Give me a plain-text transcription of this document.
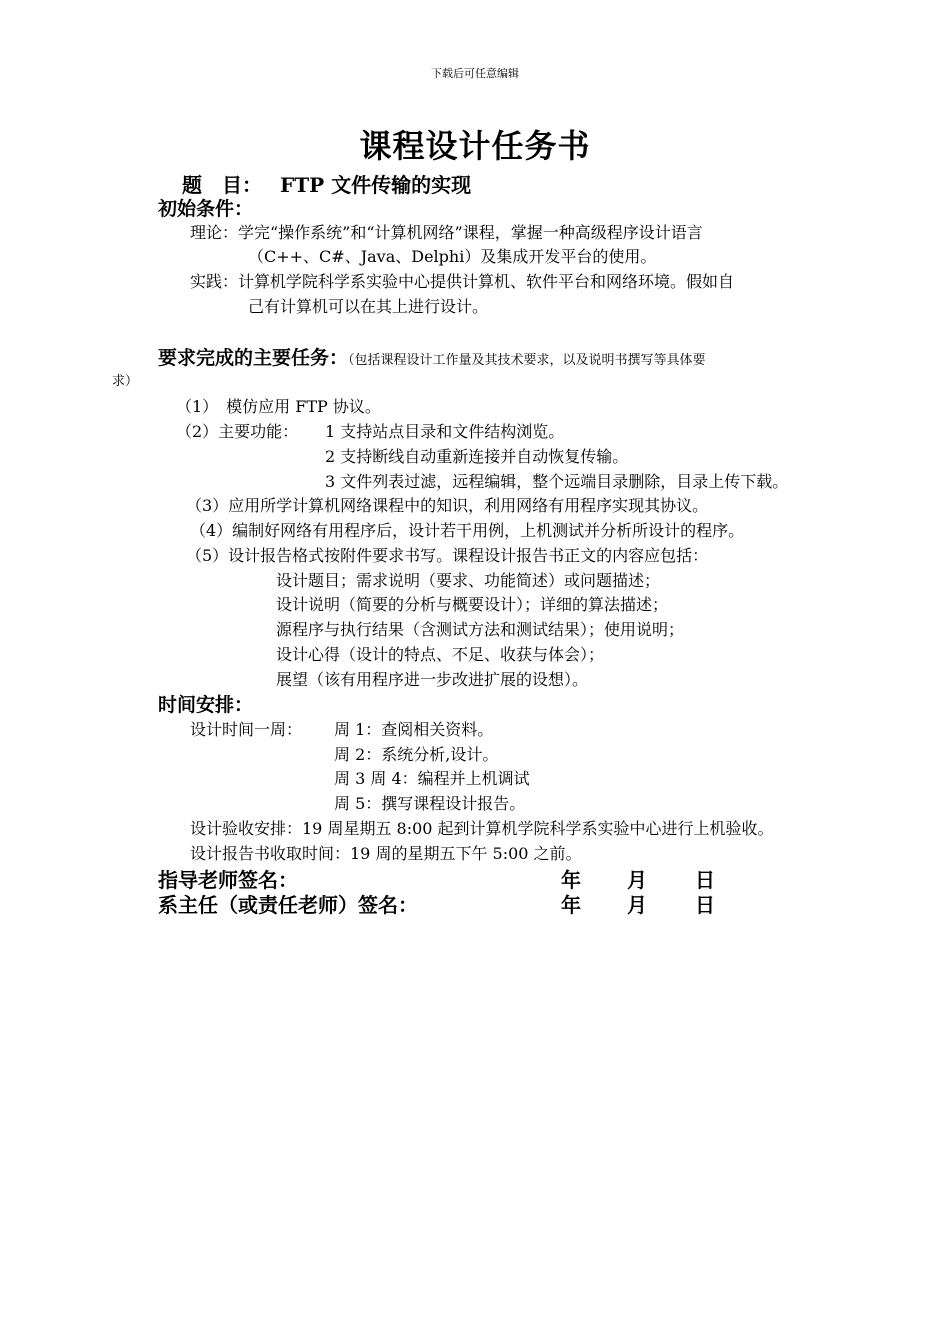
下载后可任意编辑
课程设计任务书
题　目： FTP 文件传输的实现
初始条件：
理论：学完“操作系统”和“计算机网络”课程，掌握一种高级程序设计语言
（C++、C#、Java、Delphi）及集成开发平台的使用。
实践：计算机学院科学系实验中心提供计算机、软件平台和网络环境。假如自
己有计算机可以在其上进行设计。
要求完成的主要任务：（包括课程设计工作量及其技术要求，以及说明书撰写等具体要
求）
（1）　模仿应用 FTP 协议。
（2）主要功能： 1 支持站点目录和文件结构浏览。
2 支持断线自动重新连接并自动恢复传输。
3 文件列表过滤，远程编辑，整个远端目录删除，目录上传下载。
（3）应用所学计算机网络课程中的知识，利用网络有用程序实现其协议。
（4）编制好网络有用程序后，设计若干用例，上机测试并分析所设计的程序。
（5）设计报告格式按附件要求书写。课程设计报告书正文的内容应包括：
设计题目；需求说明（要求、功能简述）或问题描述；
设计说明（简要的分析与概要设计）；详细的算法描述；
源程序与执行结果（含测试方法和测试结果）；使用说明；
设计心得（设计的特点、不足、收获与体会）；
展望（该有用程序进一步改进扩展的设想）。
时间安排：
设计时间一周： 周 1：查阅相关资料。
周 2：系统分析,设计。
周 3 周 4：编程并上机调试
周 5：撰写课程设计报告。
设计验收安排：19 周星期五 8:00 起到计算机学院科学系实验中心进行上机验收。
设计报告书收取时间：19 周的星期五下午 5:00 之前。
指导老师签名：	年 月 日
系主任（或责任老师）签名：	年 月 日
